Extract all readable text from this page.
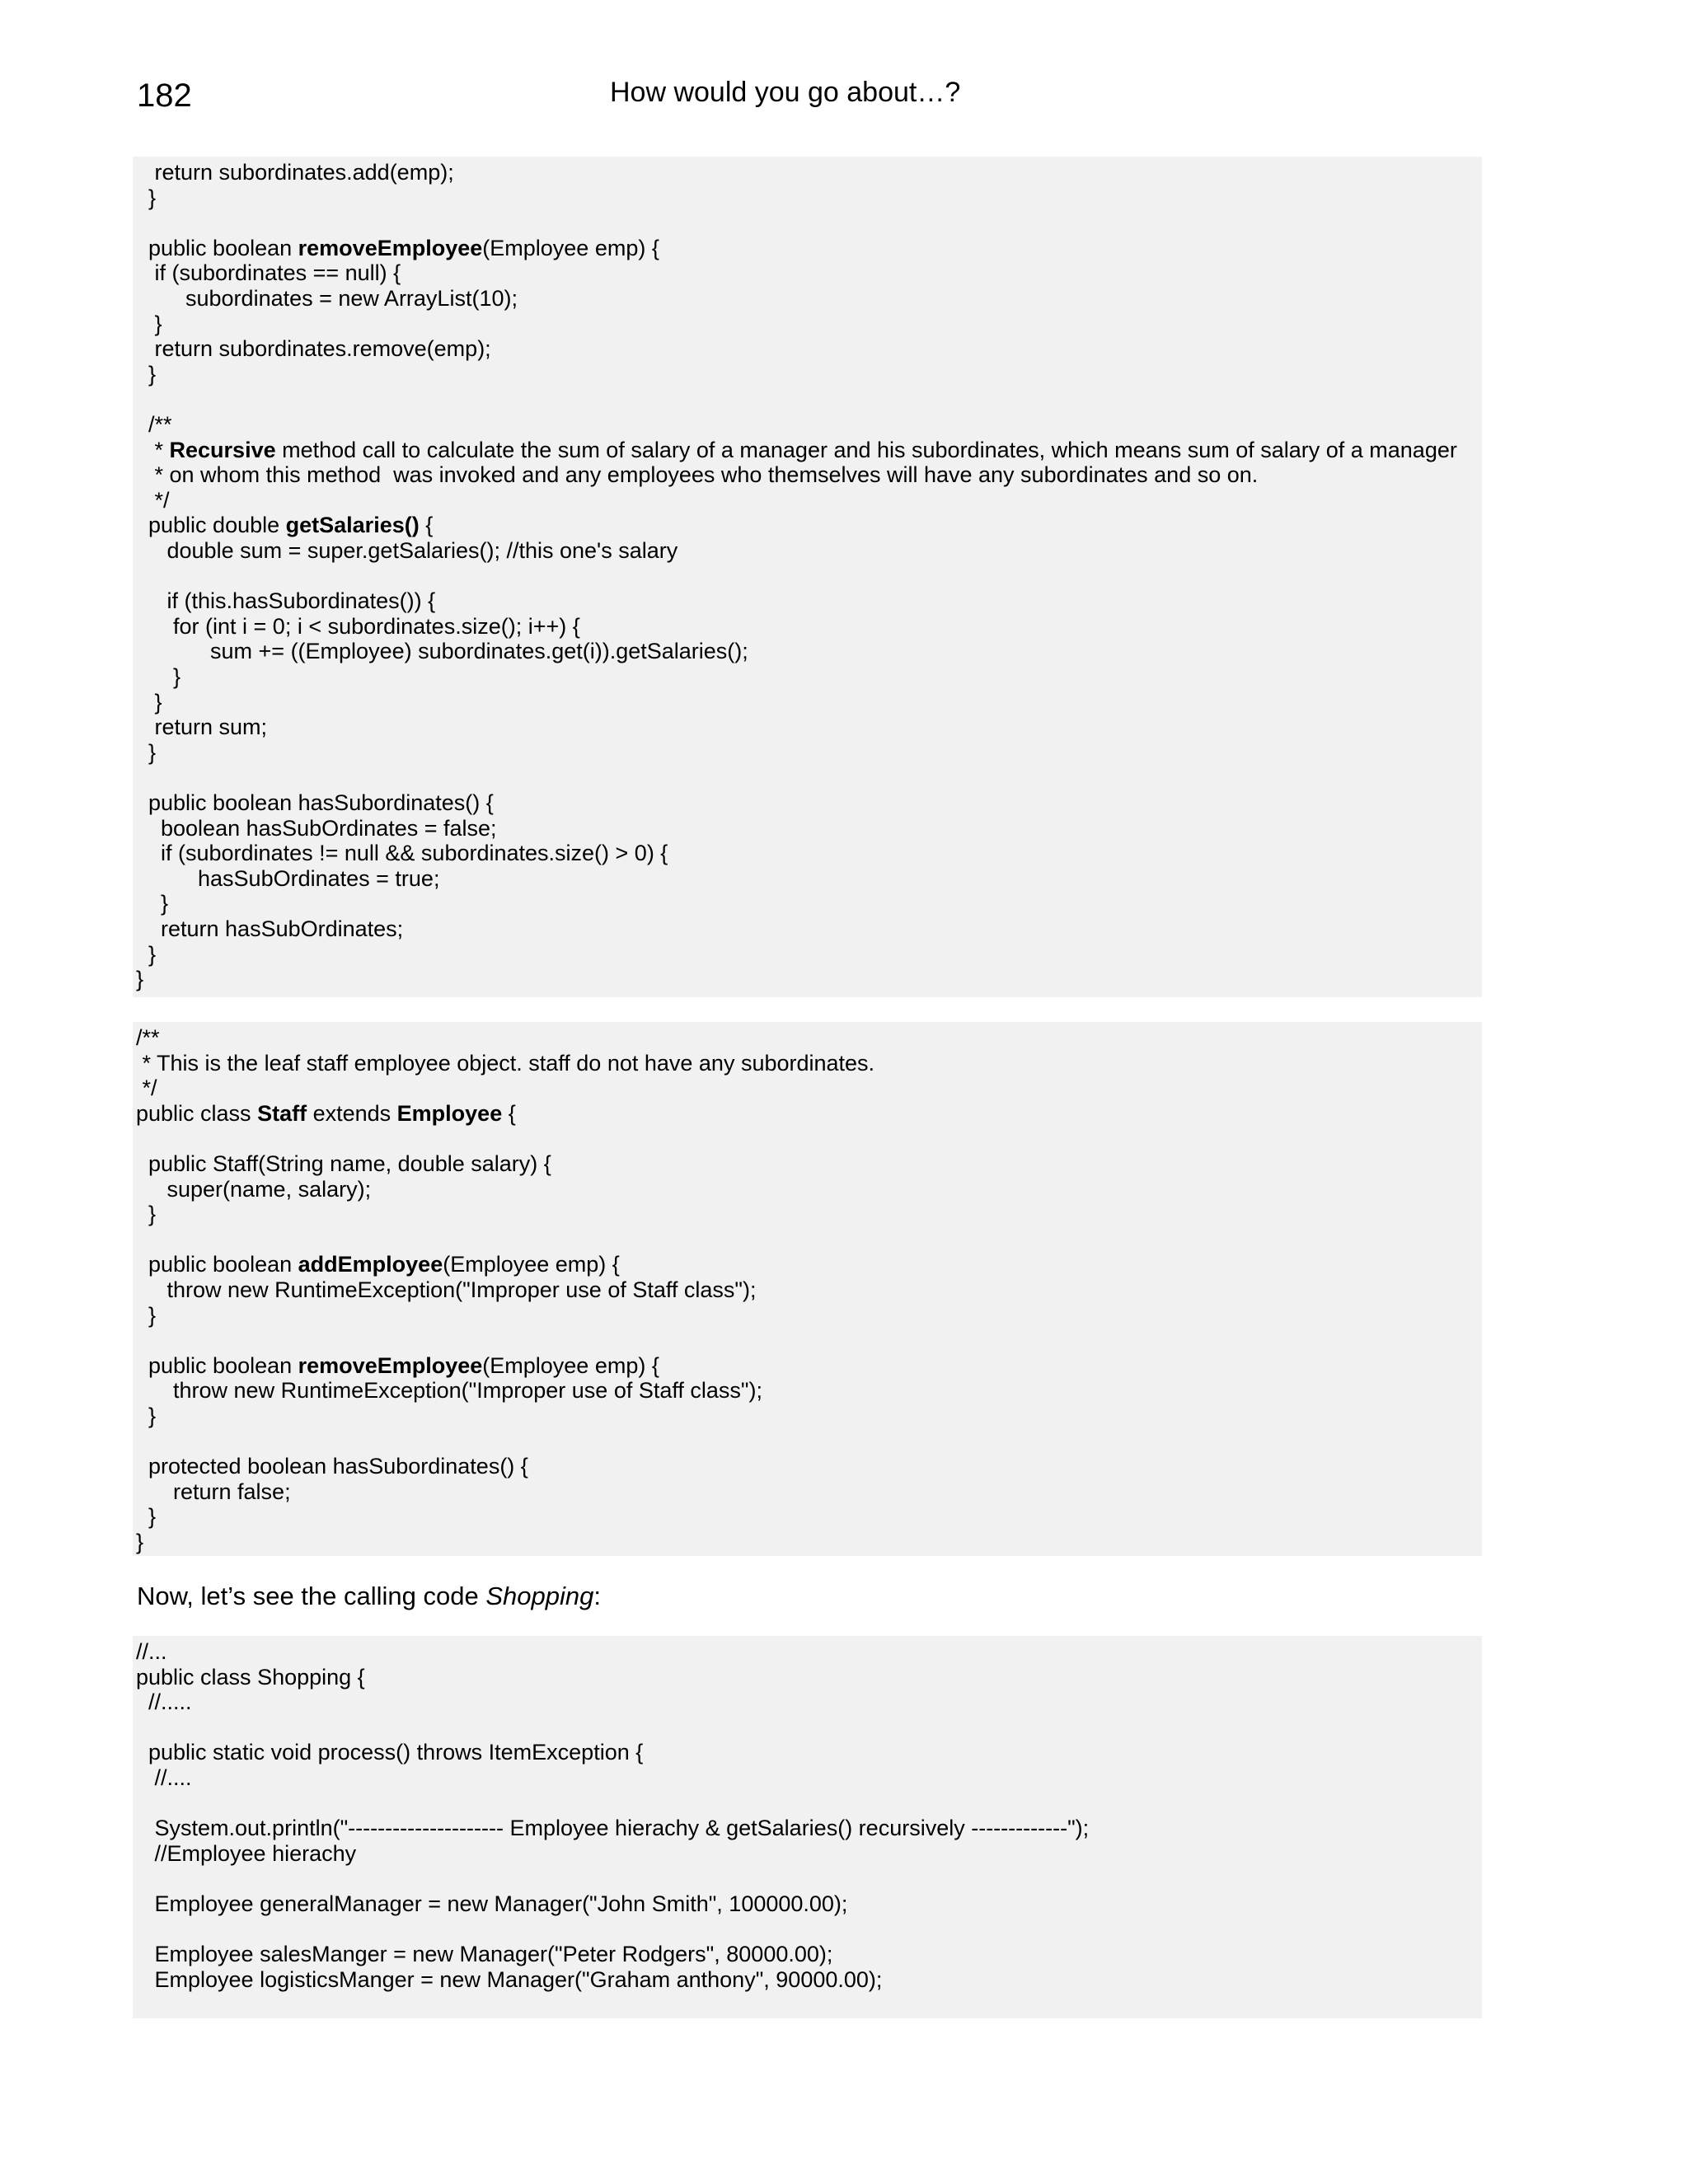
182	How would you go about…?
return subordinates.add(emp);
}
public boolean removeEmployee(Employee emp) {
if (subordinates == null) {
subordinates = new ArrayList(10);
}
return subordinates.remove(emp);
}
/**
* Recursive method call to calculate the sum of salary of a manager and his subordinates, which means sum of salary of a manager
* on whom this method  was invoked and any employees who themselves will have any subordinates and so on.
*/
public double getSalaries() {
double sum = super.getSalaries(); //this one's salary
if (this.hasSubordinates()) {
for (int i = 0; i < subordinates.size(); i++) {
sum += ((Employee) subordinates.get(i)).getSalaries();
}
}
return sum;
}
public boolean hasSubordinates() {
boolean hasSubOrdinates = false;
if (subordinates != null && subordinates.size() > 0) {
hasSubOrdinates = true;
}
return hasSubOrdinates;
}
}
/**
* This is the leaf staff employee object. staff do not have any subordinates.
*/
public class Staff extends Employee {
public Staff(String name, double salary) {
super(name, salary);
}
public boolean addEmployee(Employee emp) {
throw new RuntimeException("Improper use of Staff class");
}
public boolean removeEmployee(Employee emp) {
throw new RuntimeException("Improper use of Staff class");
}
protected boolean hasSubordinates() {
return false;
}
}
Now, let’s see the calling code Shopping:
//...
public class Shopping {
//.....
public static void process() throws ItemException {
//....
System.out.println("--------------------- Employee hierachy & getSalaries() recursively -------------");
//Employee hierachy
Employee generalManager = new Manager("John Smith", 100000.00);
Employee salesManger = new Manager("Peter Rodgers", 80000.00);
Employee logisticsManger = new Manager("Graham anthony", 90000.00);
